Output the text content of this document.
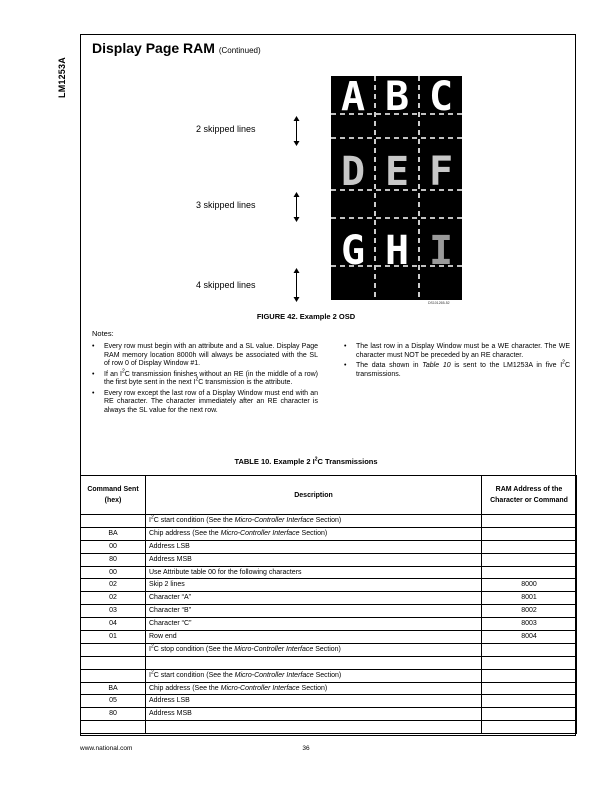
LM1253A
Display Page RAM (Continued)
2 skipped lines
3 skipped lines
4 skipped lines
A B C
D E F
G H I
DS101265-52
FIGURE 42. Example 2 OSD
Notes:
• Every row must begin with an attribute and a SL value. Display Page RAM memory location 8000h will always be associated with the SL of row 0 of Display Window #1.
• If an $I^2C$ transmission finishes without an RE (in the middle of a row) the first byte sent in the next $I^2C$ transmission is the attribute.
• Every row except the last row of a Display Window must end with an RE character. The character immediately after an RE character is always the SL value for the next row.
• The last row in a Display Window must be a WE character. The WE character must NOT be preceded by an RE character.
• The data shown in Table 10 is sent to the LM1253A in five $I^2C$ transmissions.
TABLE 10. Example 2 $I^2C$ Transmissions
Command Sent (hex)	Description	RAM Address of the Character or Command
	$I^2C$ start condition (See the Micro-Controller Interface Section)	
BA	Chip address (See the Micro-Controller Interface Section)	
00	Address LSB	
80	Address MSB	
00	Use Attribute table 00 for the following characters	
02	Skip 2 lines	8000
02	Character “A”	8001
03	Character “B”	8002
04	Character “C”	8003
01	Row end	8004
	$I^2C$ stop condition (See the Micro-Controller Interface Section)	

	$I^2C$ start condition (See the Micro-Controller Interface Section)	
BA	Chip address (See the Micro-Controller Interface Section)	
05	Address LSB	
80	Address MSB	

www.national.com	36
